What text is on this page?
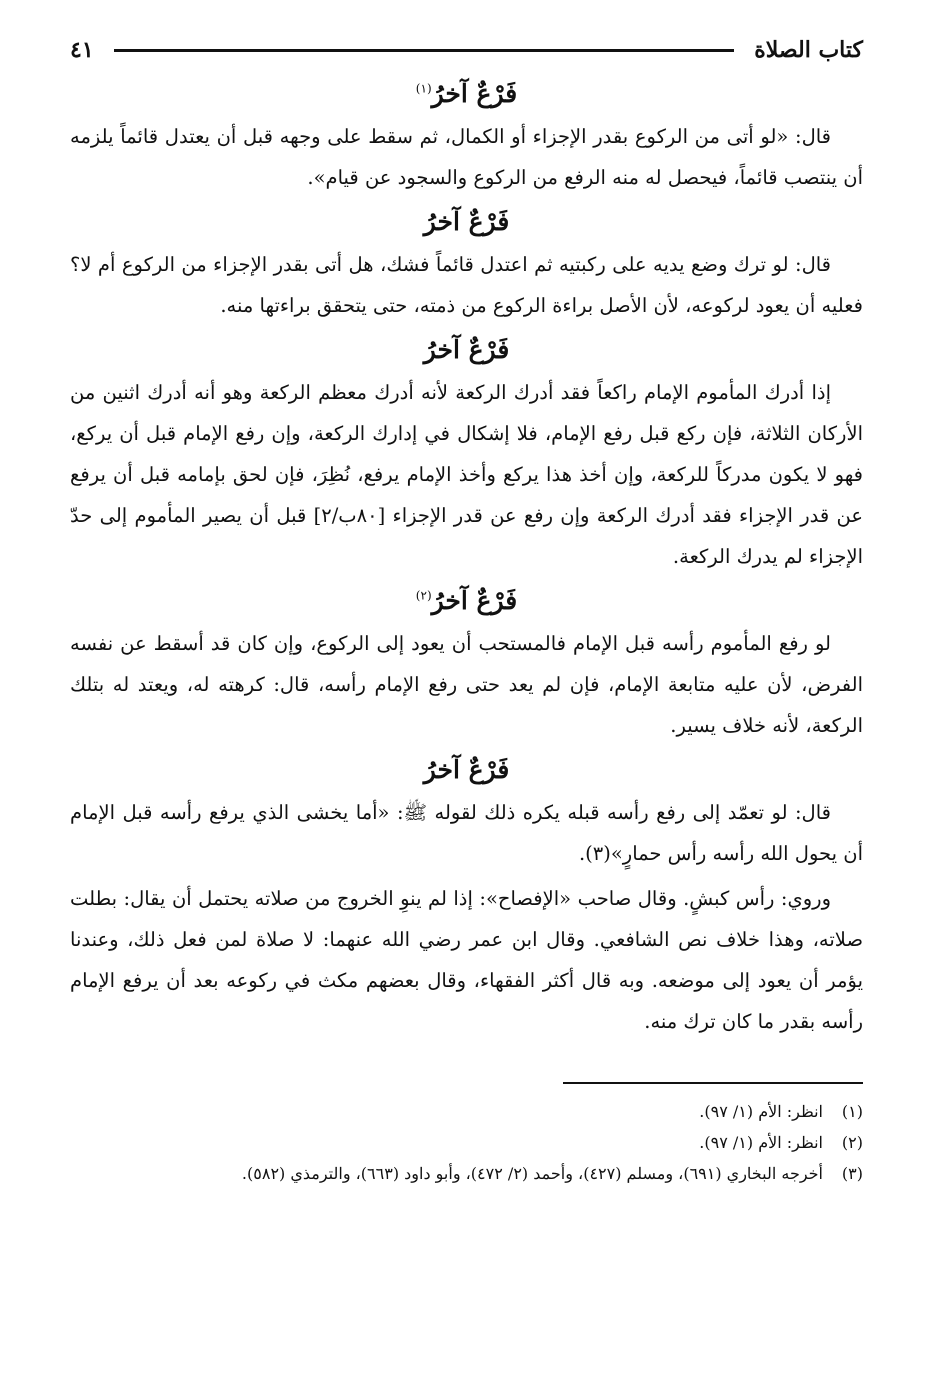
كتاب الصلاة
٤١
فَرْعٌ آخرُ$^{(١)}$

قال: «لو أتى من الركوع بقدر الإجزاء أو الكمال، ثم سقط على وجهه قبل أن يعتدل قائماً يلزمه أن ينتصب قائماً، فيحصل له منه الرفع من الركوع والسجود عن قيام».

فَرْعٌ آخرُ

قال: لو ترك وضع يديه على ركبتيه ثم اعتدل قائماً فشك، هل أتى بقدر الإجزاء من الركوع أم لا؟ فعليه أن يعود لركوعه، لأن الأصل براءة الركوع من ذمته، حتى يتحقق براءتها منه.

فَرْعٌ آخرُ

إذا أدرك المأموم الإمام راكعاً فقد أدرك الركعة لأنه أدرك معظم الركعة وهو أنه أدرك اثنين من الأركان الثلاثة، فإن ركع قبل رفع الإمام، فلا إشكال في إدارك الركعة، وإن رفع الإمام قبل أن يركع، فهو لا يكون مدركاً للركعة، وإن أخذ هذا يركع وأخذ الإمام يرفع، نُظِرَ، فإن لحق بإمامه قبل أن يرفع عن قدر الإجزاء فقد أدرك الركعة وإن رفع عن قدر الإجزاء [٨٠ب/٢] قبل أن يصير المأموم إلى حدّ الإجزاء لم يدرك الركعة.

فَرْعٌ آخرُ$^{(٢)}$

لو رفع المأموم رأسه قبل الإمام فالمستحب أن يعود إلى الركوع، وإن كان قد أسقط عن نفسه الفرض، لأن عليه متابعة الإمام، فإن لم يعد حتى رفع الإمام رأسه، قال: كرهته له، ويعتد له بتلك الركعة، لأنه خلاف يسير.

فَرْعٌ آخرُ

قال: لو تعمّد إلى رفع رأسه قبله يكره ذلك لقوله ﷺ: «أما يخشى الذي يرفع رأسه قبل الإمام أن يحول الله رأسه رأس حمارٍ»(٣).

وروي: رأس كبشٍ. وقال صاحب «الإفصاح»: إذا لم ينوِ الخروج من صلاته يحتمل أن يقال: بطلت صلاته، وهذا خلاف نص الشافعي. وقال ابن عمر رضي الله عنهما: لا صلاة لمن فعل ذلك، وعندنا يؤمر أن يعود إلى موضعه. وبه قال أكثر الفقهاء، وقال بعضهم مكث في ركوعه بعد أن يرفع الإمام رأسه بقدر ما كان ترك منه.

(١)
انظر: الأم (١/ ٩٧).
(٢)
انظر: الأم (١/ ٩٧).
(٣)
أخرجه البخاري (٦٩١)، ومسلم (٤٢٧)، وأحمد (٢/ ٤٧٢)، وأبو داود (٦٦٣)، والترمذي (٥٨٢).
